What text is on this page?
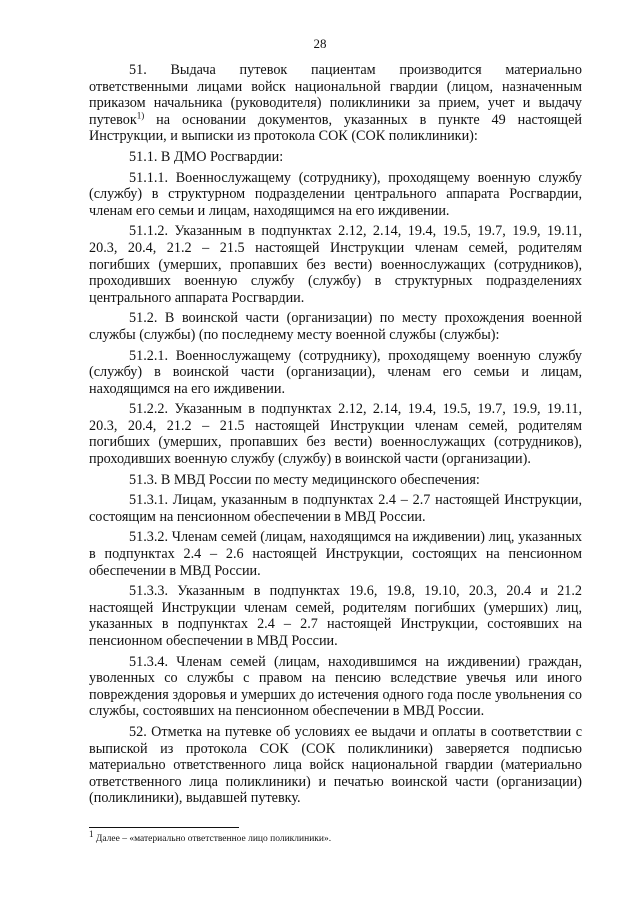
28

51. Выдача путевок пациентам производится материально ответственными лицами войск национальной гвардии (лицом, назначенным приказом начальника (руководителя) поликлиники за прием, учет и выдачу путевок$^{1)}$ на основании документов, указанных в пункте 49 настоящей Инструкции, и выписки из протокола СОК (СОК поликлиники):

51.1. В ДМО Росгвардии:

51.1.1. Военнослужащему (сотруднику), проходящему военную службу (службу) в структурном подразделении центрального аппарата Росгвардии, членам его семьи и лицам, находящимся на его иждивении.

51.1.2. Указанным в подпунктах 2.12, 2.14, 19.4, 19.5, 19.7, 19.9, 19.11, 20.3, 20.4, 21.2 – 21.5 настоящей Инструкции членам семей, родителям погибших (умерших, пропавших без вести) военнослужащих (сотрудников), проходивших военную службу (службу) в структурных подразделениях центрального аппарата Росгвардии.

51.2. В воинской части (организации) по месту прохождения военной службы (службы) (по последнему месту военной службы (службы):

51.2.1. Военнослужащему (сотруднику), проходящему военную службу (службу) в воинской части (организации), членам его семьи и лицам, находящимся на его иждивении.

51.2.2. Указанным в подпунктах 2.12, 2.14, 19.4, 19.5, 19.7, 19.9, 19.11, 20.3, 20.4, 21.2 – 21.5 настоящей Инструкции членам семей, родителям погибших (умерших, пропавших без вести) военнослужащих (сотрудников), проходивших военную службу (службу) в воинской части (организации).

51.3. В МВД России по месту медицинского обеспечения:

51.3.1. Лицам, указанным в подпунктах 2.4 – 2.7 настоящей Инструкции, состоящим на пенсионном обеспечении в МВД России.

51.3.2. Членам семей (лицам, находящимся на иждивении) лиц, указанных в подпунктах 2.4 – 2.6 настоящей Инструкции, состоящих на пенсионном обеспечении в МВД России.

51.3.3. Указанным в подпунктах 19.6, 19.8, 19.10, 20.3, 20.4 и 21.2 настоящей Инструкции членам семей, родителям погибших (умерших) лиц, указанных в подпунктах 2.4 – 2.7 настоящей Инструкции, состоявших на пенсионном обеспечении в МВД России.

51.3.4. Членам семей (лицам, находившимся на иждивении) граждан, уволенных со службы с правом на пенсию вследствие увечья или иного повреждения здоровья и умерших до истечения одного года после увольнения со службы, состоявших на пенсионном обеспечении в МВД России.

52. Отметка на путевке об условиях ее выдачи и оплаты в соответствии с выпиской из протокола СОК (СОК поликлиники) заверяется подписью материально ответственного лица войск национальной гвардии (материально ответственного лица поликлиники) и печатью воинской части (организации) (поликлиники), выдавшей путевку.

$^1$ Далее – «материально ответственное лицо поликлиники».
